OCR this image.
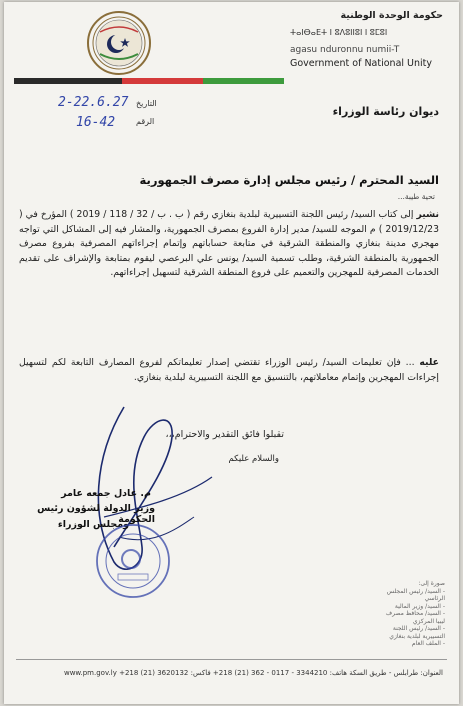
حكومة الوحدة الوطنية
ⵜⴰⵏⴱⴰⴹⵜ ⵏ ⵓⴷⵓⵏⵏⵓⵏ ⵏ ⵓⵎⵓⵏ
agasu nduronnu numii-T
Government of National Unity
ديوان رئاسة الوزراء
التاريخ
2-22.6.27
الرقم
16-42
السيد المحترم / رئيس مجلس إدارة مصرف الجمهورية
تحية طيبة...
نشير إلى كتاب السيد/ رئيس اللجنة التسييرية لبلدية بنغازي رقم ( ب . ب / 32 / 118 / 2019 ) المؤرخ في ( 2019/12/23 ) م الموجه للسيد/ مدير إدارة الفروع بمصرف الجمهورية، والمشار فيه إلى المشاكل التي تواجه مهجري مدينة بنغازي والمنطقة الشرقية في متابعة حساباتهم وإتمام إجراءاتهم المصرفية بفروع مصرف الجمهورية بالمنطقة الشرقية، وطلب تسمية السيد/ يونس علي البرعصي ليقوم بمتابعة والإشراف على تقديم الخدمات المصرفية للمهجرين والتعميم على فروع المنطقة الشرقية لتسهيل إجراءاتهم.
عليه ... فإن تعليمات السيد/ رئيس الوزراء تقتضي إصدار تعليماتكم لفروع المصارف التابعة لكم لتسهيل إجراءات المهجرين وإتمام معاملاتهم، بالتنسيق مع اللجنة التسييرية لبلدية بنغازي.
تقبلوا فائق التقدير والاحترام،،،
والسلام عليكم
م. عادل جمعه عامر
وزير الدولة لشؤون رئيس الحكومة
ومجلس الوزراء
صورة إلى:
- السيد/ رئيس المجلس الرئاسي
- السيد/ وزير المالية
- السيد/ محافظ مصرف ليبيا المركزي
- السيد/ رئيس اللجنة التسييرية لبلدية بنغازي
- الملف العام
العنوان: طرابلس - طريق السكة هاتف: 3344210 - 0117 - 362 (21) 218+ فاكس: 3620132 (21) 218+ www.pm.gov.ly
